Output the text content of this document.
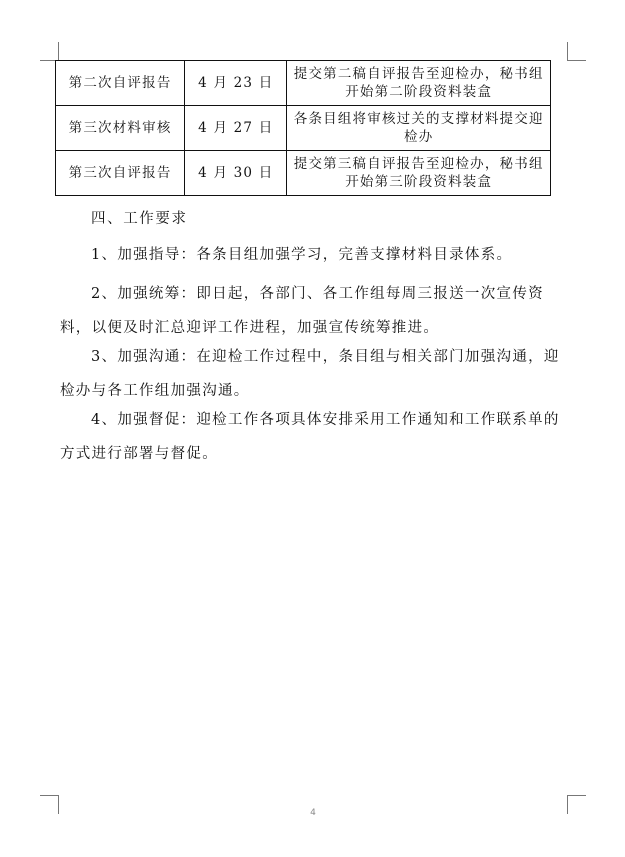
第二次自评报告	4 月 23 日	提交第二稿自评报告至迎检办，秘书组开始第二阶段资料装盒
第三次材料审核	4 月 27 日	各条目组将审核过关的支撑材料提交迎检办
第三次自评报告	4 月 30 日	提交第三稿自评报告至迎检办，秘书组开始第三阶段资料装盒
四、工作要求

1、加强指导：各条目组加强学习，完善支撑材料目录体系。

2、加强统筹：即日起，各部门、各工作组每周三报送一次宣传资料，以便及时汇总迎评工作进程，加强宣传统筹推进。

3、加强沟通：在迎检工作过程中，条目组与相关部门加强沟通，迎检办与各工作组加强沟通。

4、加强督促：迎检工作各项具体安排采用工作通知和工作联系单的方式进行部署与督促。

4
